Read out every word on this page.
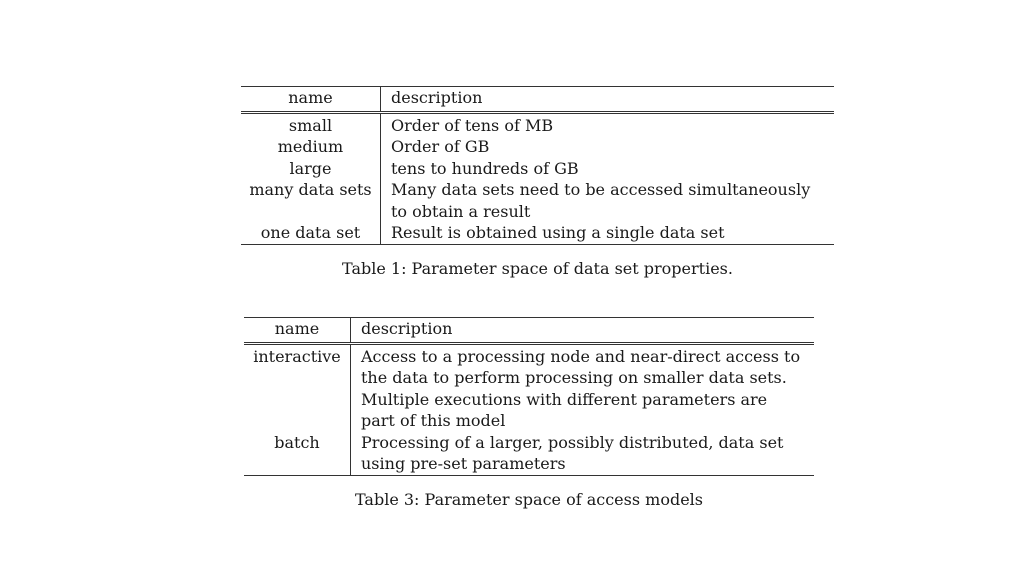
name	description
small	Order of tens of MB
medium	Order of GB
large	tens to hundreds of GB
many data sets	Many data sets need to be accessed simultaneously to obtain a result
one data set	Result is obtained using a single data set
Table 1: Parameter space of data set properties.
name	description
interactive	Access to a processing node and near-direct access to the data to perform processing on smaller data sets. Multiple executions with different parameters are part of this model
batch	Processing of a larger, possibly distributed, data set using pre-set parameters
Table 3: Parameter space of access models
